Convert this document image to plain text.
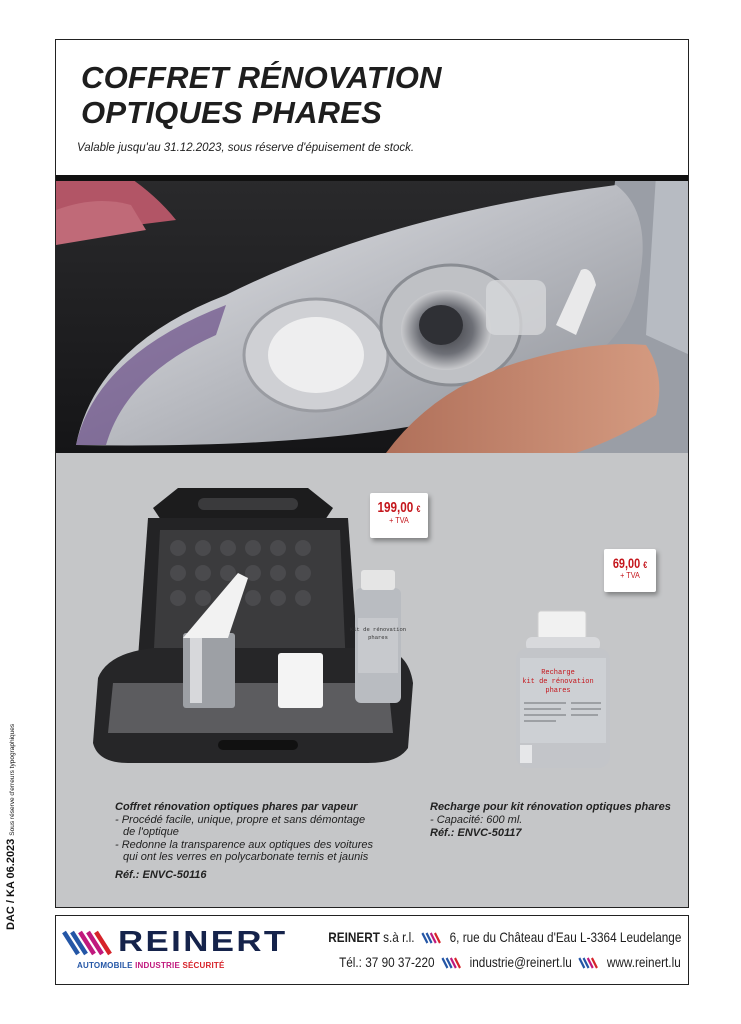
COFFRET RÉNOVATION
OPTIQUES PHARES
Valable jusqu'au 31.12.2023, sous réserve d'épuisement de stock.
Kit de rénovation
phares
Recharge
kit de rénovation
phares
199,00 €
+ TVA
69,00 €
+ TVA
Coffret rénovation optiques phares par vapeur
- Procédé facile, unique, propre et sans démontage
de l'optique
- Redonne la transparence aux optiques des voitures
qui ont les verres en polycarbonate ternis et jaunis
Réf.: ENVC-50116
Recharge pour kit rénovation optiques phares
- Capacité: 600 ml.
Réf.: ENVC-50117
DAC / KA 06.2023Sous réserve d'erreurs typographiques
REINERT
AUTOMOBILE INDUSTRIE SÉCURITÉ
REINERT s.à r.l.	6, rue du Château d'Eau L-3364 Leudelange
Tél.: 37 90 37-220	industrie@reinert.lu	www.reinert.lu
